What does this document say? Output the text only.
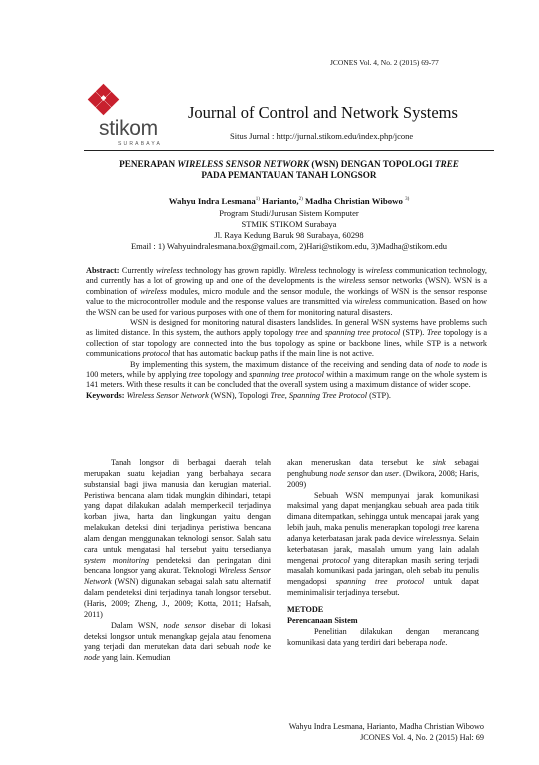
JCONES Vol. 4, No. 2 (2015) 69-77
stikom
SURABAYA
Journal of Control and Network Systems
Situs Jurnal : http://jurnal.stikom.edu/index.php/jcone
PENERAPAN WIRELESS SENSOR NETWORK (WSN) DENGAN TOPOLOGI TREE
PADA PEMANTAUAN TANAH LONGSOR
Wahyu Indra Lesmana$^{1)}$ Harianto,$^{2)}$ Madha Christian Wibowo $^{3)}$
Program Studi/Jurusan Sistem Komputer
STMIK STIKOM Surabaya
Jl. Raya Kedung Baruk 98 Surabaya, 60298
Email : 1) Wahyuindralesmana.box@gmail.com, 2)Hari@stikom.edu, 3)Madha@stikom.edu

Abstract: Currently wireless technology has grown rapidly. Wireless technology is wireless communication technology, and currently has a lot of growing up and one of the developments is the wireless sensor networks (WSN). WSN is a combination of wireless modules, micro module and the sensor module, the workings of WSN is the sensor response value to the microcontroller module and the response values are transmitted via wireless communication. Based on how the WSN can be used for various purposes with one of them for monitoring natural disasters.

WSN is designed for monitoring natural disasters landslides. In general WSN systems have problems such as limited distance. In this system, the authors apply topology tree and spanning tree protocol (STP). Tree topology is a collection of star topology are connected into the bus topology as spine or backbone lines, while STP is a network communications protocol that has automatic backup paths if the main line is not active.

By implementing this system, the maximum distance of the receiving and sending data of node to node is 100 meters, while by applying tree topology and spanning tree protocol within a maximum range on the whole system is 141 meters. With these results it can be concluded that the overall system using a maximum distance of wider scope.

Keywords: Wireless Sensor Network (WSN), Topologi Tree, Spanning Tree Protocol (STP).

Tanah longsor di berbagai daerah telah merupakan suatu kejadian yang berbahaya secara substansial bagi jiwa manusia dan kerugian material. Peristiwa bencana alam tidak mungkin dihindari, tetapi yang dapat dilakukan adalah memperkecil terjadinya korban jiwa, harta dan lingkungan yaitu dengan melakukan deteksi dini terjadinya peristiwa bencana alam dengan menggunakan teknologi sensor. Salah satu cara untuk mengatasi hal tersebut yaitu tersedianya system monitoring pendeteksi dan peringatan dini bencana longsor yang akurat. Teknologi Wireless Sensor Network (WSN) digunakan sebagai salah satu alternatif dalam pendeteksi dini terjadinya tanah longsor tersebut. (Haris, 2009; Zheng, J., 2009; Kotta, 2011; Hafsah, 2011)

Dalam WSN, node sensor disebar di lokasi deteksi longsor untuk menangkap gejala atau fenomena yang terjadi dan merutekan data dari sebuah node ke node yang lain. Kemudian

akan meneruskan data tersebut ke sink sebagai penghubung node sensor dan user. (Dwikora, 2008; Haris, 2009)

Sebuah WSN mempunyai jarak komunikasi maksimal yang dapat menjangkau sebuah area pada titik dimana ditempatkan, sehingga untuk mencapai jarak yang lebih jauh, maka penulis menerapkan topologi tree karena adanya keterbatasan jarak pada device wirelessnya. Selain keterbatasan jarak, masalah umum yang lain adalah mengenai protocol yang diterapkan masih sering terjadi masalah komunikasi pada jaringan, oleh sebab itu penulis mengadopsi spanning tree protocol untuk dapat meminimalisir terjadinya tersebut.

METODE

Perencanaan Sistem

Penelitian dilakukan dengan merancang komunikasi data yang terdiri dari beberapa node.

Wahyu Indra Lesmana, Harianto, Madha Christian Wibowo
JCONES Vol. 4, No. 2 (2015) Hal: 69
